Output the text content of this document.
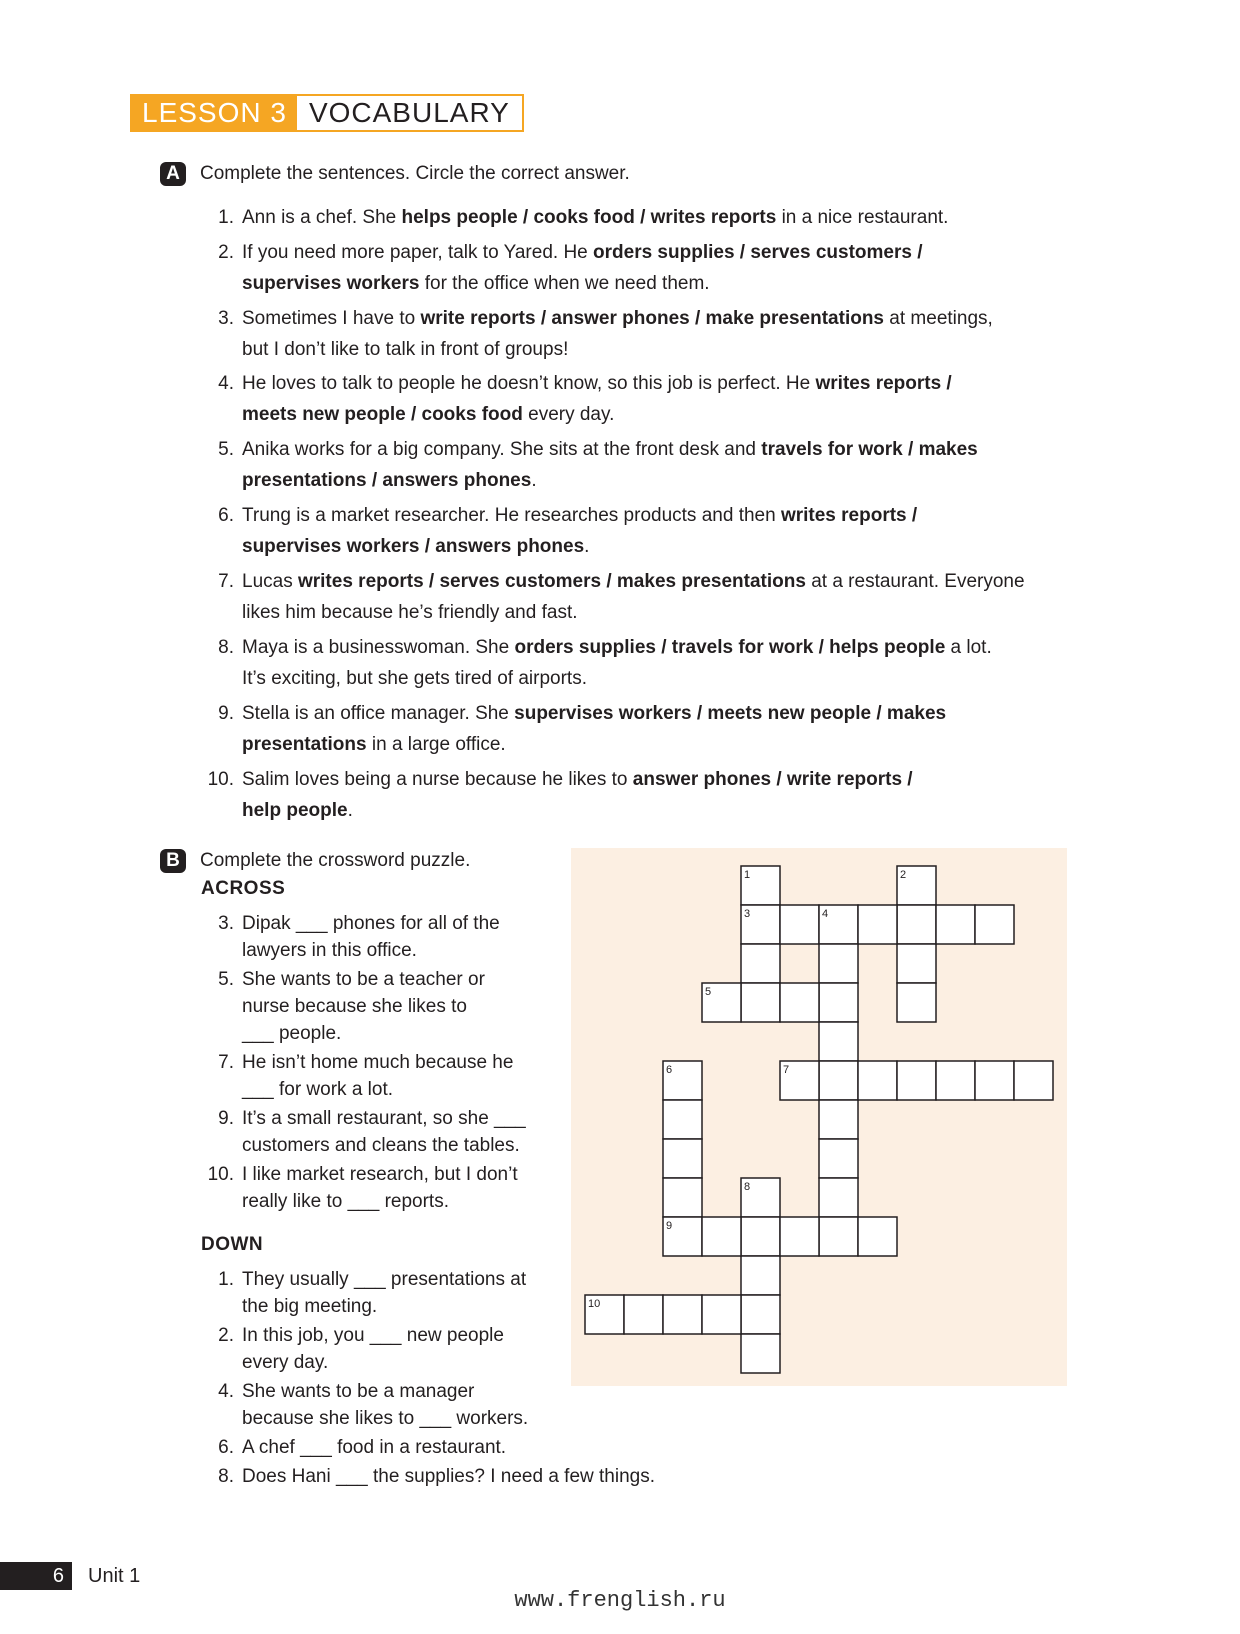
LESSON 3 VOCABULARY
A	Complete the sentences. Circle the correct answer.
1. Ann is a chef. She helps people / cooks food / writes reports in a nice restaurant.
2. If you need more paper, talk to Yared. He orders supplies / serves customers /
supervises workers for the office when we need them.
3. Sometimes I have to write reports / answer phones / make presentations at meetings,
but I don’t like to talk in front of groups!
4. He loves to talk to people he doesn’t know, so this job is perfect. He writes reports /
meets new people / cooks food every day.
5. Anika works for a big company. She sits at the front desk and travels for work / makes
presentations / answers phones.
6. Trung is a market researcher. He researches products and then writes reports /
supervises workers / answers phones.
7. Lucas writes reports / serves customers / makes presentations at a restaurant. Everyone
likes him because he’s friendly and fast.
8. Maya is a businesswoman. She orders supplies / travels for work / helps people a lot.
It’s exciting, but she gets tired of airports.
9. Stella is an office manager. She supervises workers / meets new people / makes
presentations in a large office.
10. Salim loves being a nurse because he likes to answer phones / write reports /
help people.
B	Complete the crossword puzzle.
ACROSS
3. Dipak ___ phones for all of the
lawyers in this office.
5. She wants to be a teacher or
nurse because she likes to
___ people.
7. He isn’t home much because he
___ for work a lot.
9. It’s a small restaurant, so she ___
customers and cleans the tables.
10. I like market research, but I don’t
really like to ___ reports.
DOWN
1. They usually ___ presentations at
the big meeting.
2. In this job, you ___ new people
every day.
4. She wants to be a manager
because she likes to ___ workers.
6. A chef ___ food in a restaurant.
8. Does Hani ___ the supplies? I need a few things.
1	2
3	4
5
6	7
8
9
10
6	Unit 1
www.frenglish.ru
